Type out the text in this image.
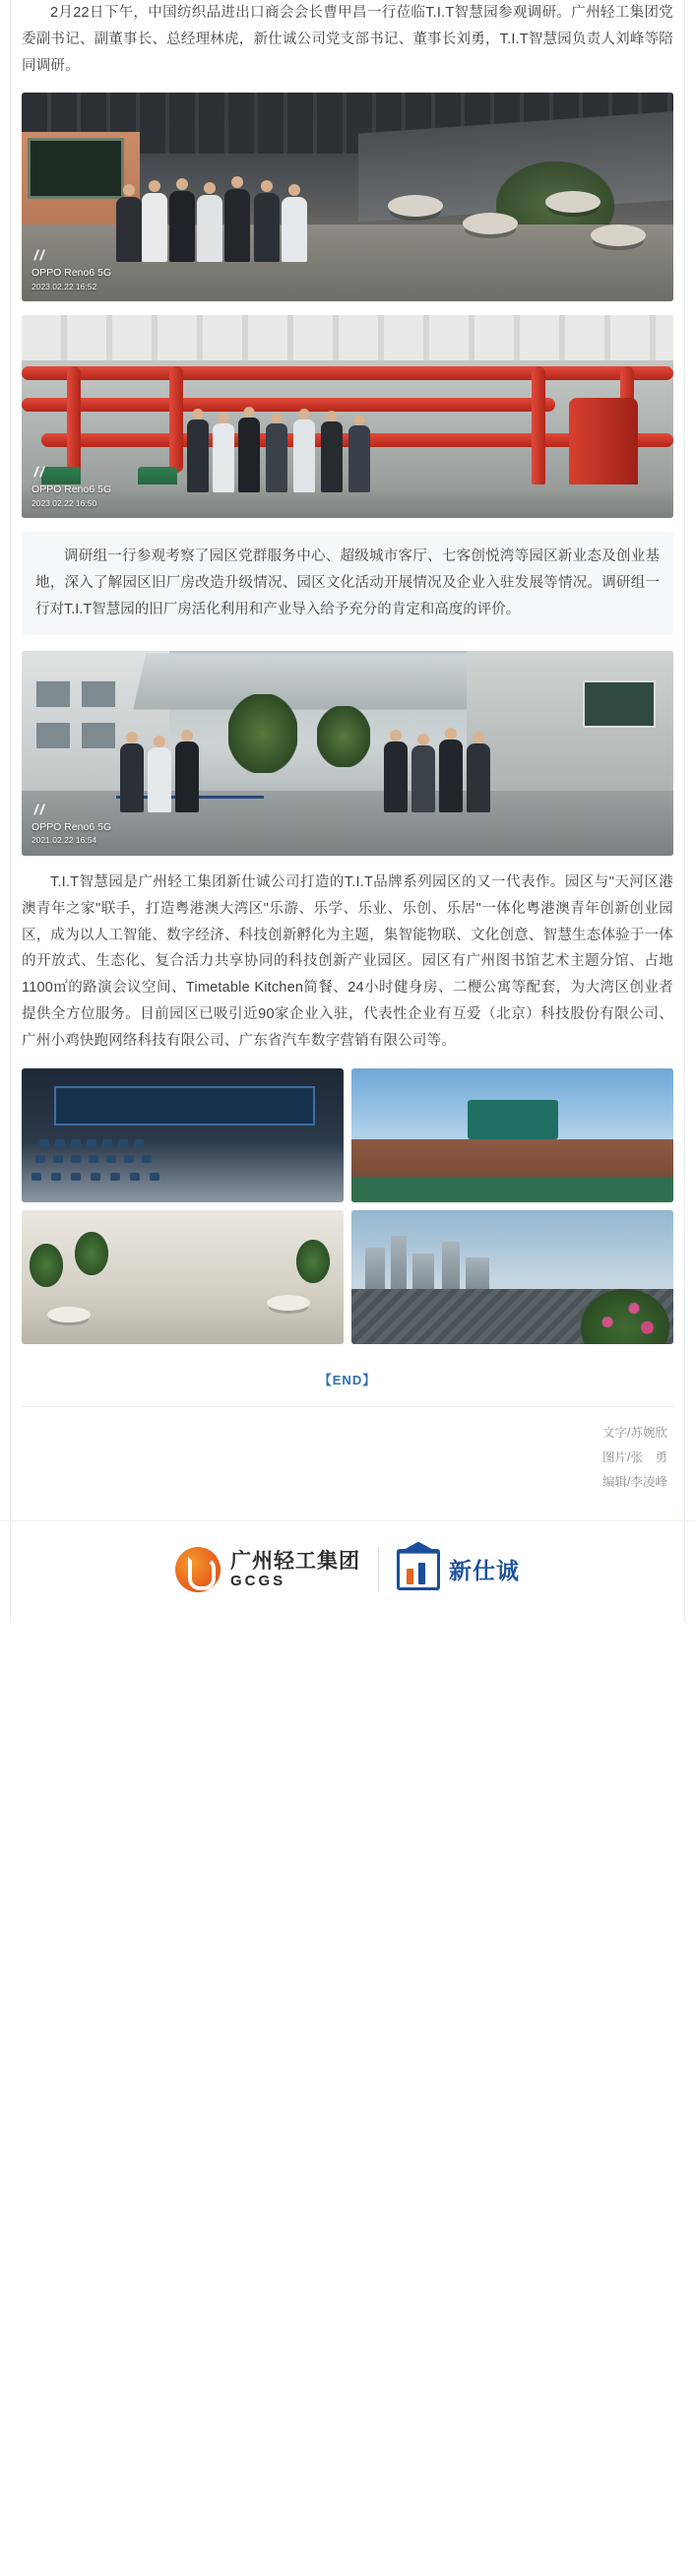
2月22日下午，中国纺织品进出口商会会长曹甲昌一行莅临T.I.T智慧园参观调研。广州轻工集团党委副书记、副董事长、总经理林虎，新仕诚公司党支部书记、董事长刘勇，T.I.T智慧园负责人刘峰等陪同调研。

OPPO Reno6 5G
2023.02.22 16:52
OPPO Reno6 5G
2023.02.22 16:50

调研组一行参观考察了园区党群服务中心、超级城市客厅、七客创悦湾等园区新业态及创业基地，深入了解园区旧厂房改造升级情况、园区文化活动开展情况及企业入驻发展等情况。调研组一行对T.I.T智慧园的旧厂房活化利用和产业导入给予充分的肯定和高度的评价。

OPPO Reno6 5G
2021.02.22 16:54

T.I.T智慧园是广州轻工集团新仕诚公司打造的T.I.T品牌系列园区的又一代表作。园区与"天河区港澳青年之家"联手，打造粤港澳大湾区"乐游、乐学、乐业、乐创、乐居"一体化粤港澳青年创新创业园区，成为以人工智能、数字经济、科技创新孵化为主题，集智能物联、文化创意、智慧生态体验于一体的开放式、生态化、复合活力共享协同的科技创新产业园区。园区有广州图书馆艺术主题分馆、占地1100㎡的路演会议空间、Timetable Kitchen简餐、24小时健身房、二楩公寓等配套，为大湾区创业者提供全方位服务。目前园区已吸引近90家企业入驻，代表性企业有互爱（北京）科技股份有限公司、广州小鸡快跑网络科技有限公司、广东省汽车数字营销有限公司等。

【END】
文字/苏婉欣
图片/张　勇
编辑/李凌峰
广州轻工集团
GCGS	新仕诚
